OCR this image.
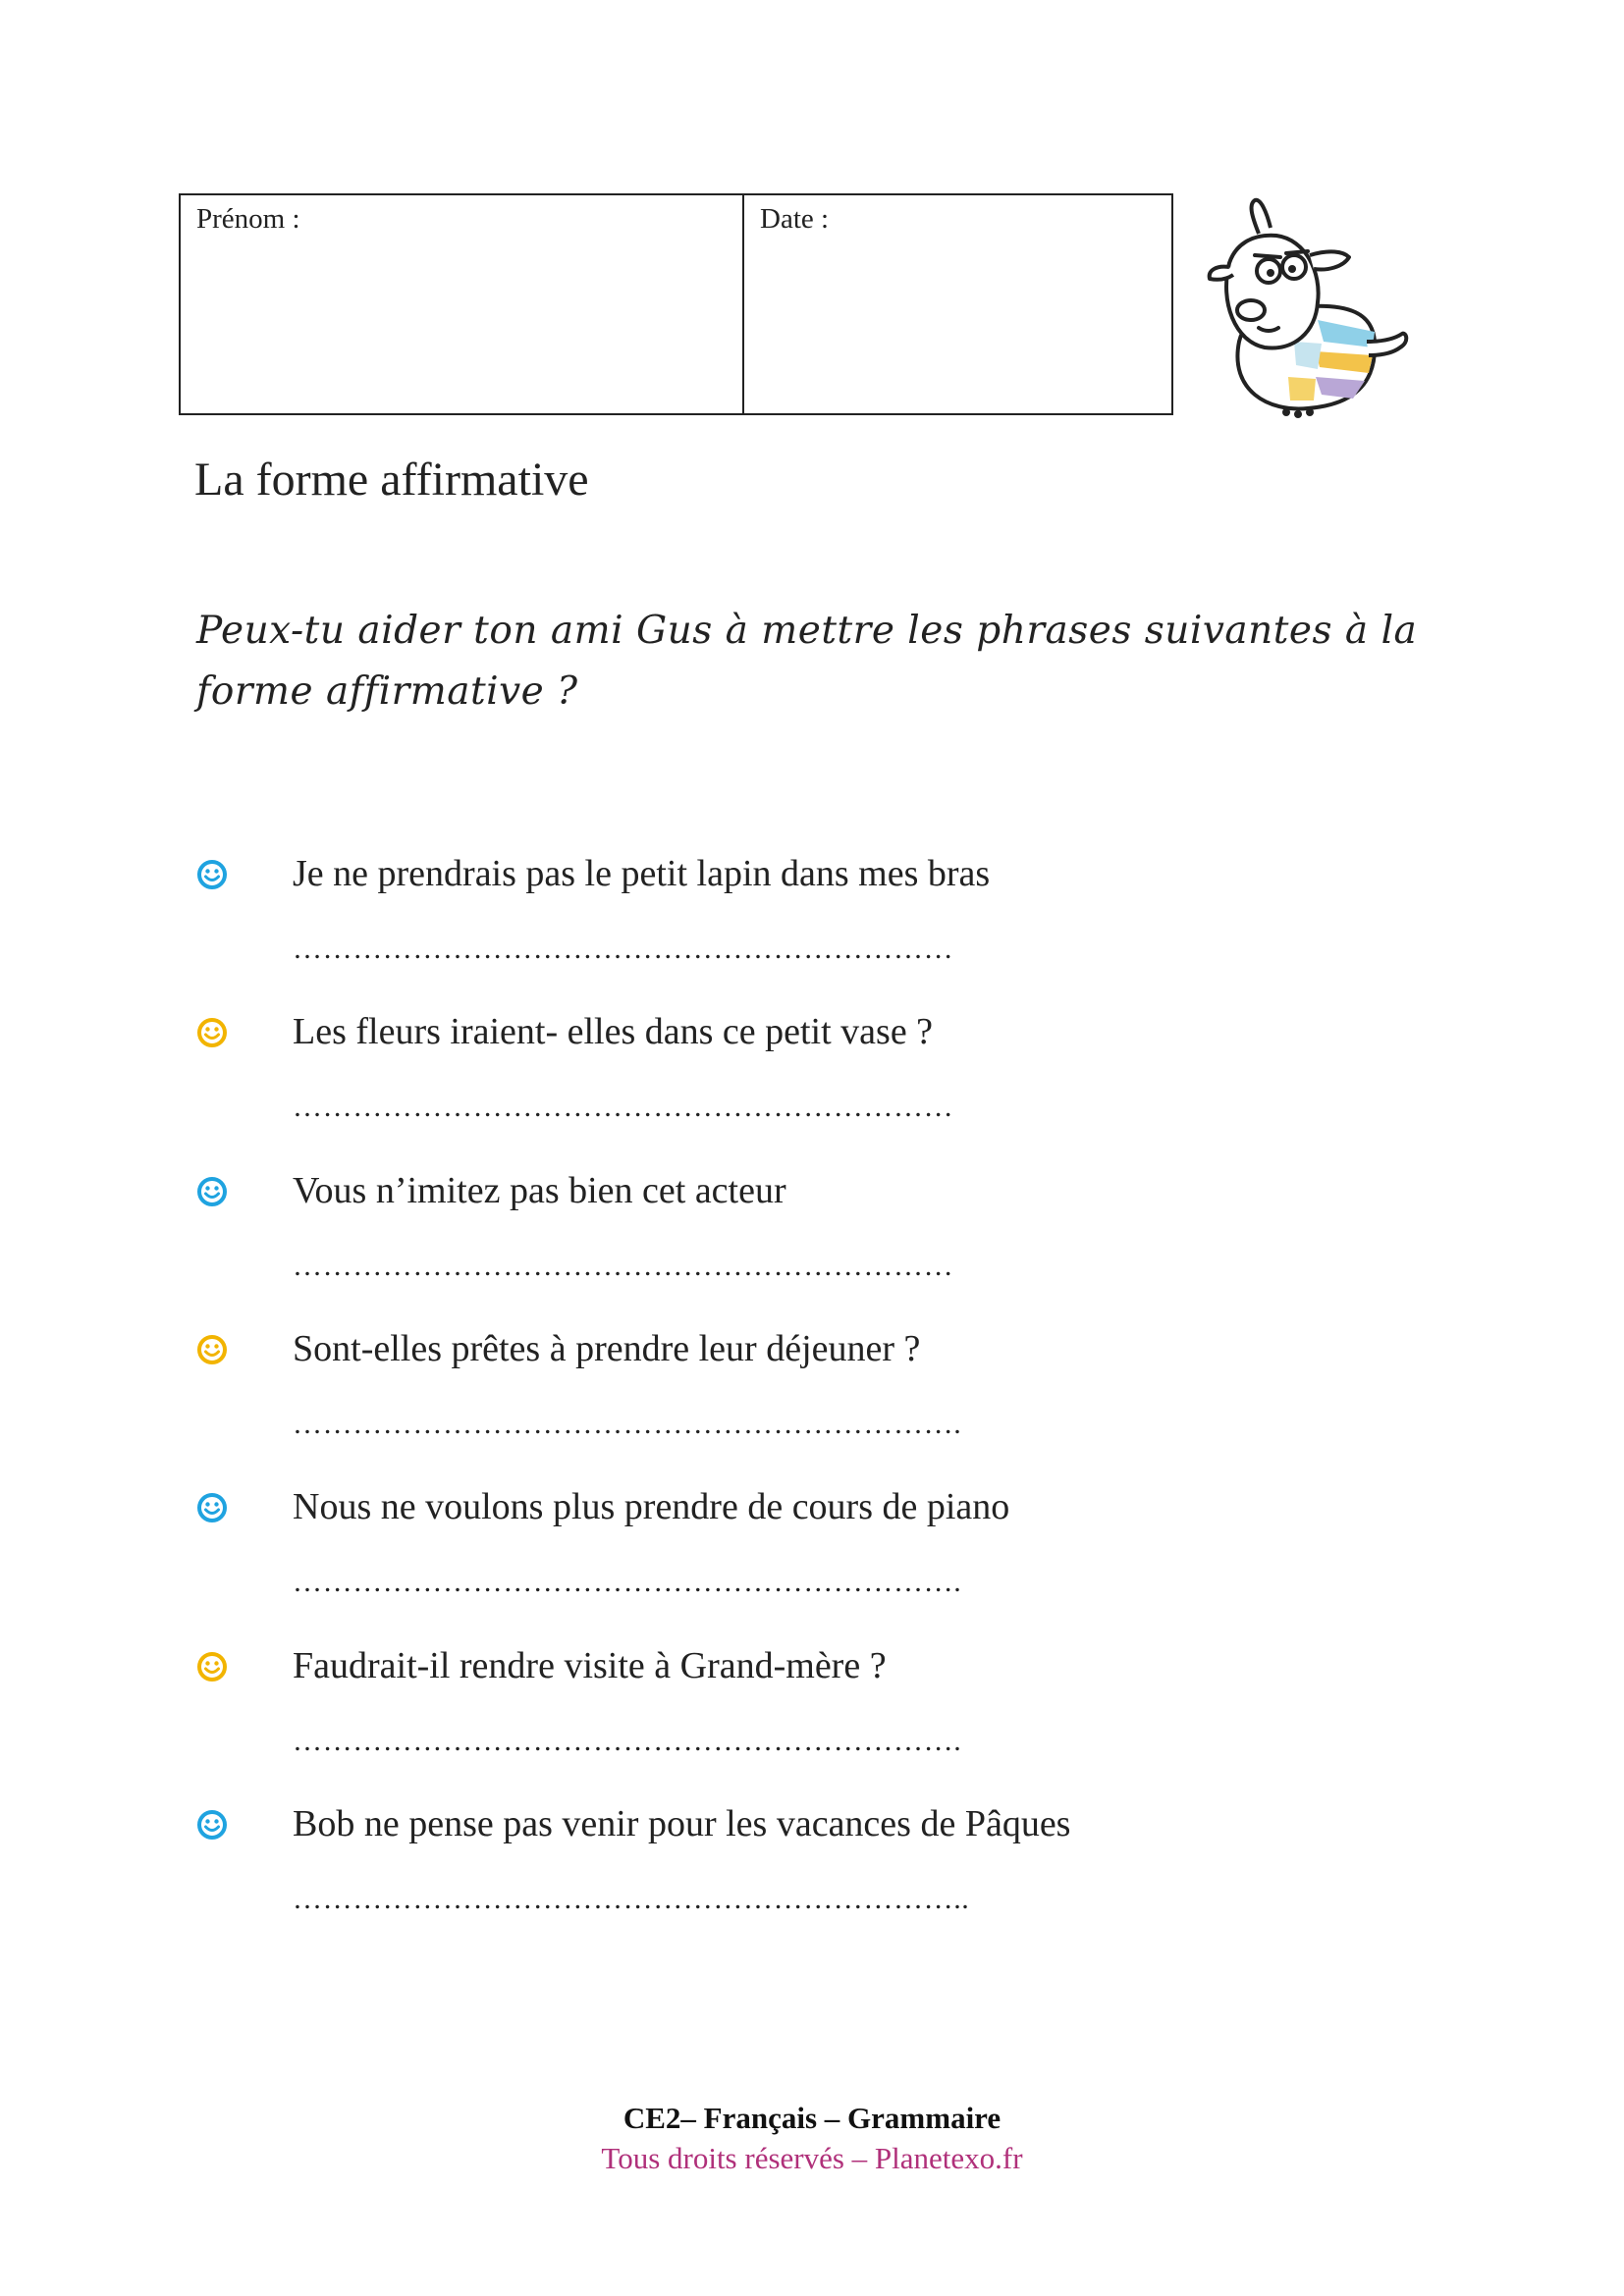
Prénom :	Date :
La forme affirmative

Peux-tu aider ton ami Gus à mettre les phrases suivantes à la forme affirmative ?

Je ne prendrais pas le petit lapin dans mes bras
…………………………………………………………
Les fleurs iraient- elles dans ce petit vase ?
…………………………………………………………
Vous n’imitez pas bien cet acteur
…………………………………………………………
Sont-elles prêtes à prendre leur déjeuner ?
………………………………………………………….
Nous ne voulons plus prendre de cours de piano
………………………………………………………….
Faudrait-il rendre visite à Grand-mère ?
………………………………………………………….
Bob ne pense pas venir pour les vacances de Pâques
…………………………………………………………..
CE2– Français – Grammaire
Tous droits réservés – Planetexo.fr
